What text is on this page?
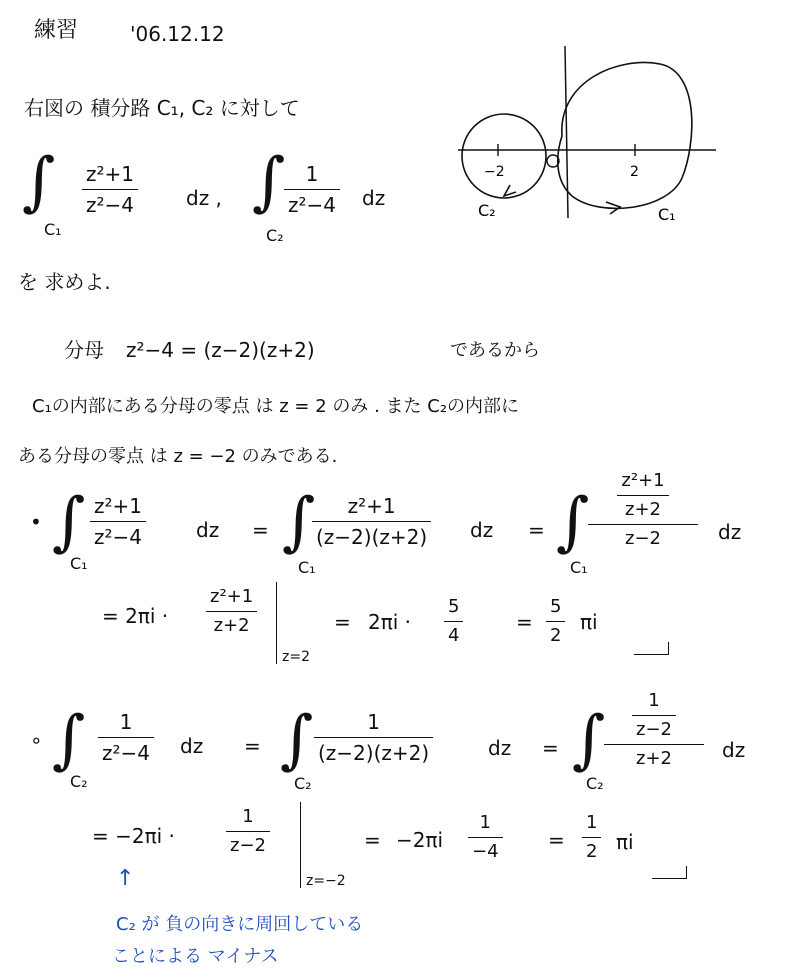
練習	'06.12.12
右図の 積分路 C₁, C₂ に対して
∫
C₁
z²+1
z²−4	dz , ∫
C₂
1
z²−4 dz
を 求めよ.
−2	2
C₁
C₂
分母 z²−4 = (z−2)(z+2)	であるから
C₁の内部にある分母の零点 は z = 2 のみ . また C₂の内部に
ある分母の零点 は z = −2 のみである.
• ∫
C₁
z²+1
z²−4	dz = ∫
C₁
z²+1
(z−2)(z+2) dz = ∫
C₁
$\frac{\text{z²+1}}{z+2}$
z−2	dz
= 2πi ·
z²+1
z+2
z=2
= 2πi ·
5
4
=
5
2
πi
∘ ∫
C₂
1
z²−4 dz = ∫
C₂
1
(z−2)(z+2)	dz = ∫
C₂
$\frac{1}{z-2}$
z+2	dz
= −2πi ·
1
z−2
z=−2
= −2πi
1
−4 =
1
2 πi
↑
C₂ が 負の向きに周回している
ことによる マイナス
